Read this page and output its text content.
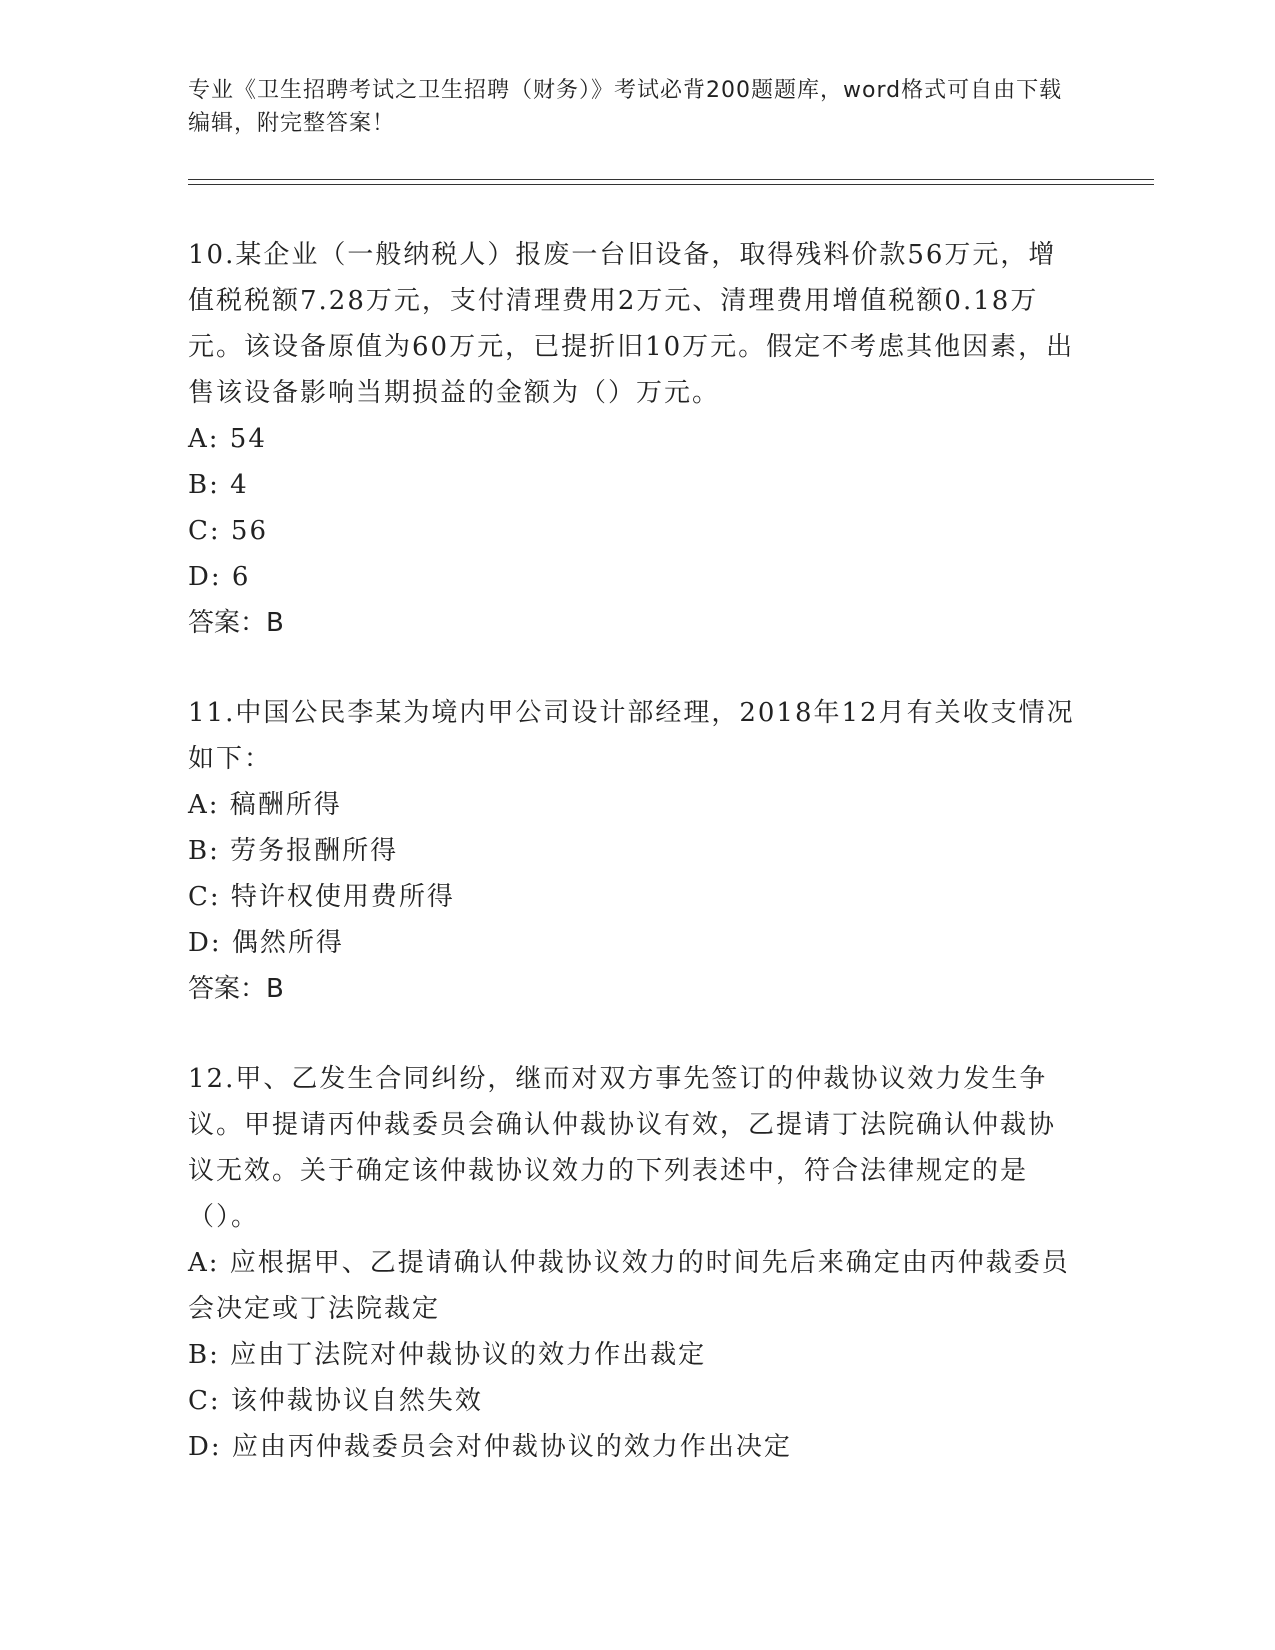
专业《卫生招聘考试之卫生招聘（财务）》考试必背200题题库，word格式可自由下载编辑，附完整答案！

10.某企业（一般纳税人）报废一台旧设备，取得残料价款56万元，增值税税额7.28万元，支付清理费用2万元、清理费用增值税额0.18万元。该设备原值为60万元，已提折旧10万元。假定不考虑其他因素，出售该设备影响当期损益的金额为（）万元。

A: 54

B: 4

C: 56

D: 6

答案：B

11.中国公民李某为境内甲公司设计部经理，2018年12月有关收支情况如下：

A: 稿酬所得

B: 劳务报酬所得

C: 特许权使用费所得

D: 偶然所得

答案：B

12.甲、乙发生合同纠纷，继而对双方事先签订的仲裁协议效力发生争议。甲提请丙仲裁委员会确认仲裁协议有效，乙提请丁法院确认仲裁协议无效。关于确定该仲裁协议效力的下列表述中，符合法律规定的是（）。

A: 应根据甲、乙提请确认仲裁协议效力的时间先后来确定由丙仲裁委员会决定或丁法院裁定

B: 应由丁法院对仲裁协议的效力作出裁定

C: 该仲裁协议自然失效

D: 应由丙仲裁委员会对仲裁协议的效力作出决定
